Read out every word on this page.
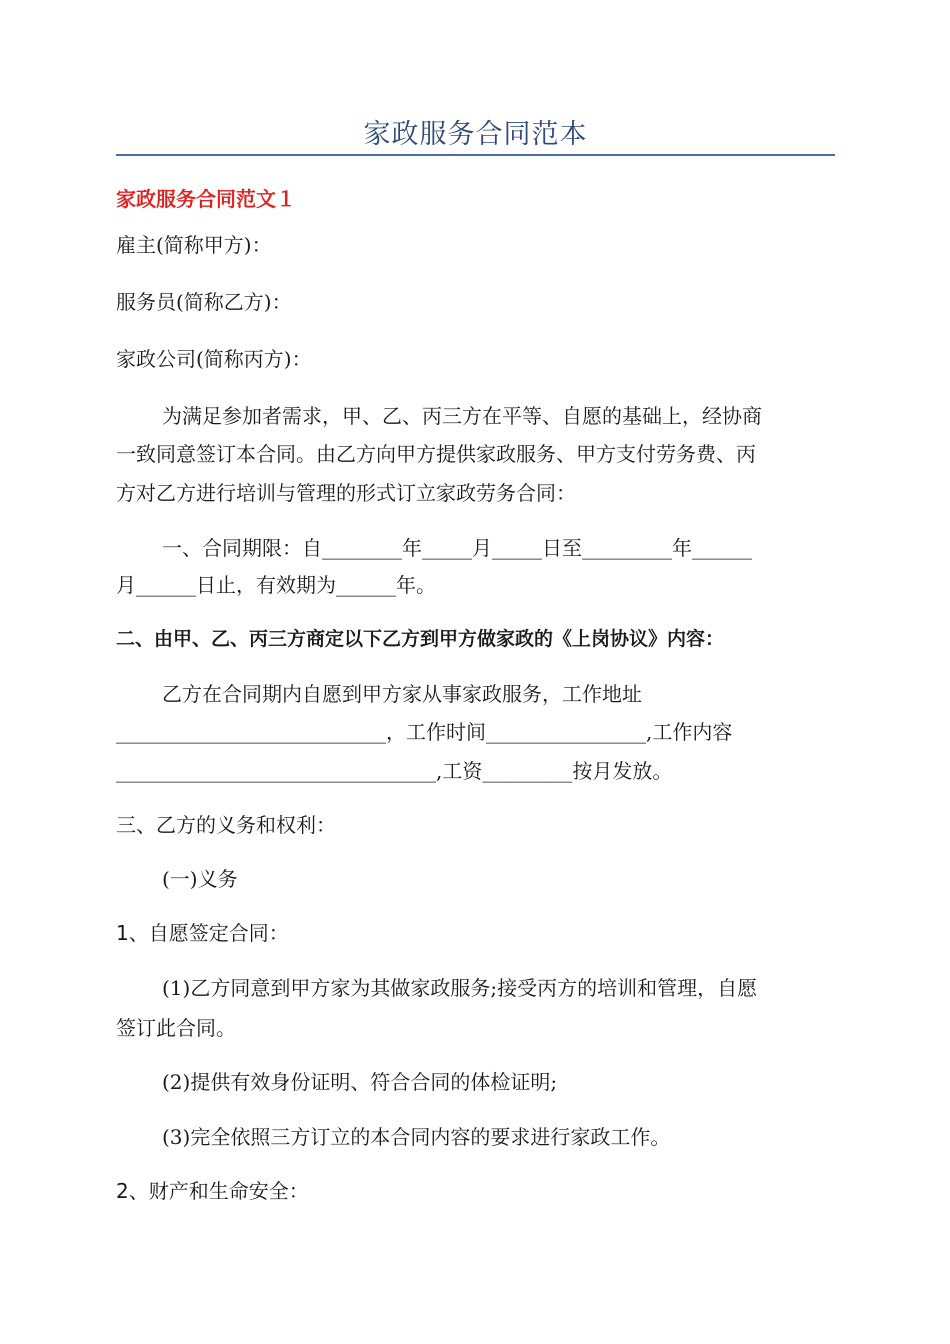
家政服务合同范本
家政服务合同范文１

雇主(简称甲方)：

服务员(简称乙方)：

家政公司(简称丙方)：

为满足参加者需求，甲、乙、丙三方在平等、自愿的基础上，经协商

一致同意签订本合同。由乙方向甲方提供家政服务、甲方支付劳务费、丙

方对乙方进行培训与管理的形式订立家政劳务合同：

一、合同期限：自________年_____月_____日至_________年______

月______日止，有效期为______年。

二、由甲、乙、丙三方商定以下乙方到甲方做家政的《上岗协议》内容：

乙方在合同期内自愿到甲方家从事家政服务，工作地址

___________________________，工作时间________________,工作内容

________________________________,工资_________按月发放。

三、乙方的义务和权利：

(一)义务

1、自愿签定合同：

(1)乙方同意到甲方家为其做家政服务;接受丙方的培训和管理，自愿

签订此合同。

(2)提供有效身份证明、符合合同的体检证明;

(3)完全依照三方订立的本合同内容的要求进行家政工作。

2、财产和生命安全：
